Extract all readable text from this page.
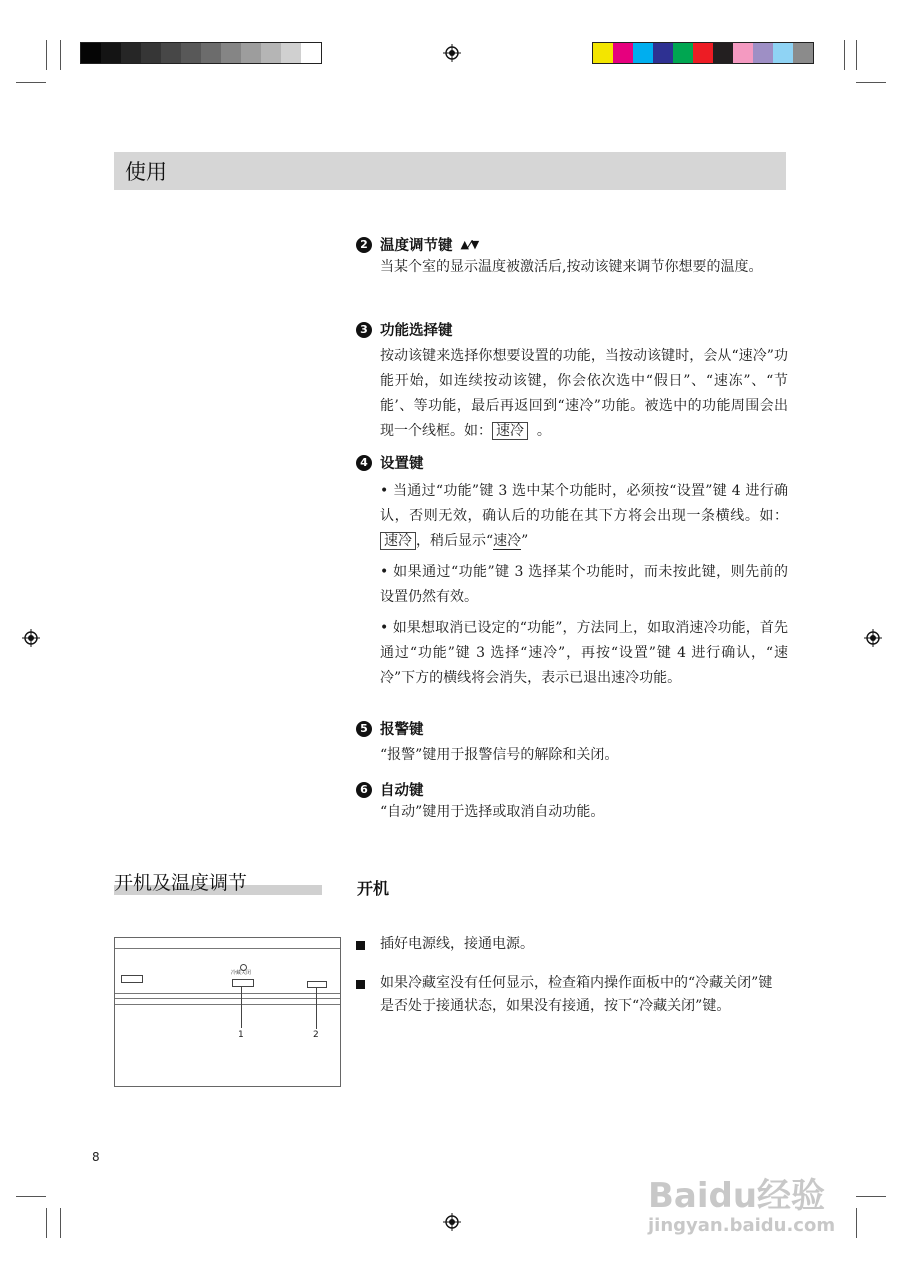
使用
2 温度调节键 ▲⁄▼
当某个室的显示温度被激活后,按动该键来调节你想要的温度。
3 功能选择键
按动该键来选择你想要设置的功能，当按动该键时，会从“速冷”功能开始，如连续按动该键，你会依次选中“假日”、“速冻”、“节能’、等功能，最后再返回到“速冷”功能。被选中的功能周围会出现一个线框。如： 速冷 。
4 设置键
• 当通过“功能”键 3 选中某个功能时，必须按“设置”键 4 进行确认，否则无效，确认后的功能在其下方将会出现一条横线。如：速冷 ，稍后显示“速冷”
• 如果通过“功能”键 3 选择某个功能时，而未按此键，则先前的设置仍然有效。
• 如果想取消已设定的“功能”，方法同上，如取消速冷功能，首先通过“功能”键 3 选择“速冷”，再按“设置”键 4 进行确认，“速冷”下方的横线将会消失，表示已退出速冷功能。
5 报警键
“报警”键用于报警信号的解除和关闭。
6 自动键
“自动”键用于选择或取消自动功能。
开机及温度调节	开机
插好电源线，接通电源。
如果冷藏室没有任何显示，检查箱内操作面板中的“冷藏关闭”键是否处于接通状态，如果没有接通，按下“冷藏关闭”键。
冷藏关闭
1	2
8
Baidu经验
jingyan.baidu.com
